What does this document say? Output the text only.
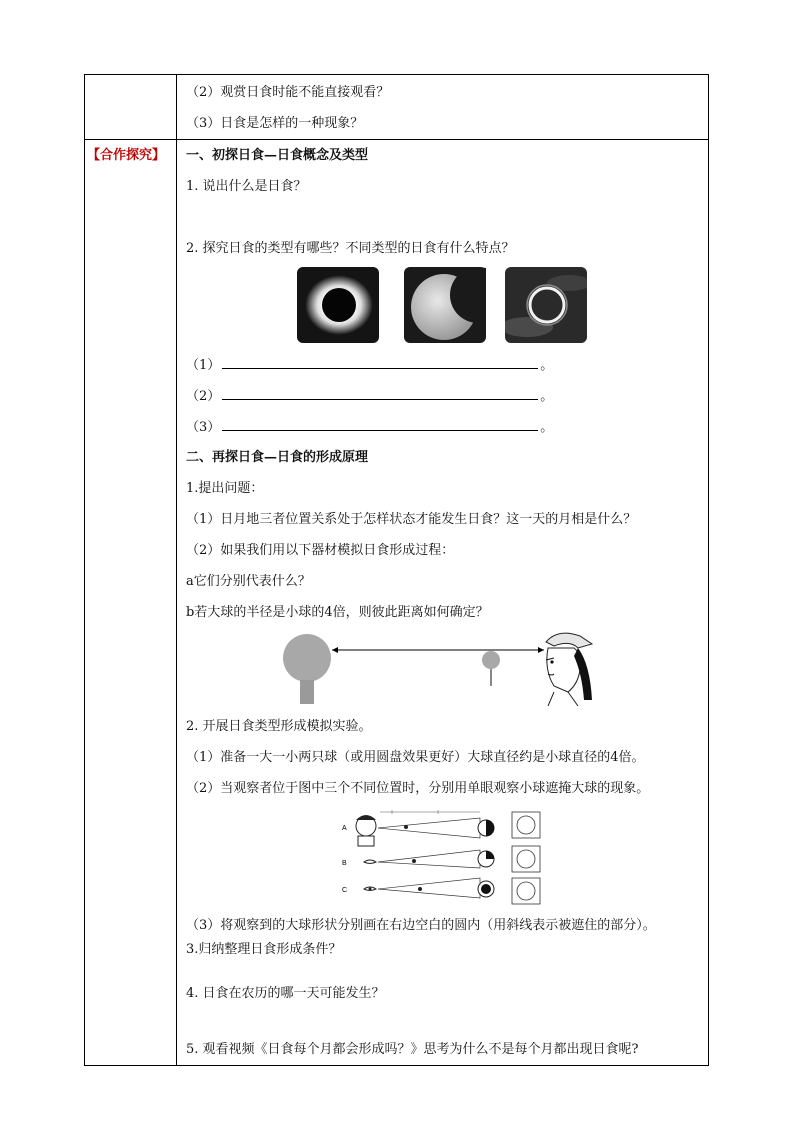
（2）观赏日食时能不能直接观看？
（3）日食是怎样的一种现象？
【合作探究】 一、初探日食—日食概念及类型
1. 说出什么是日食？
2. 探究日食的类型有哪些？不同类型的日食有什么特点？
（1）	。
（2）	。
（3）	。
二、再探日食—日食的形成原理
1.提出问题：
（1）日月地三者位置关系处于怎样状态才能发生日食？这一天的月相是什么？
（2）如果我们用以下器材模拟日食形成过程：
a它们分别代表什么？
b若大球的半径是小球的4倍，则彼此距离如何确定？
2. 开展日食类型形成模拟实验。
（1）准备一大一小两只球（或用圆盘效果更好）大球直径约是小球直径的4倍。
（2）当观察者位于图中三个不同位置时，分别用单眼观察小球遮掩大球的现象。
A
B
C
（3）将观察到的大球形状分别画在右边空白的圆内（用斜线表示被遮住的部分）。
3.归纳整理日食形成条件？
4. 日食在农历的哪一天可能发生？
5. 观看视频《日食每个月都会形成吗？》思考为什么不是每个月都出现日食呢?
